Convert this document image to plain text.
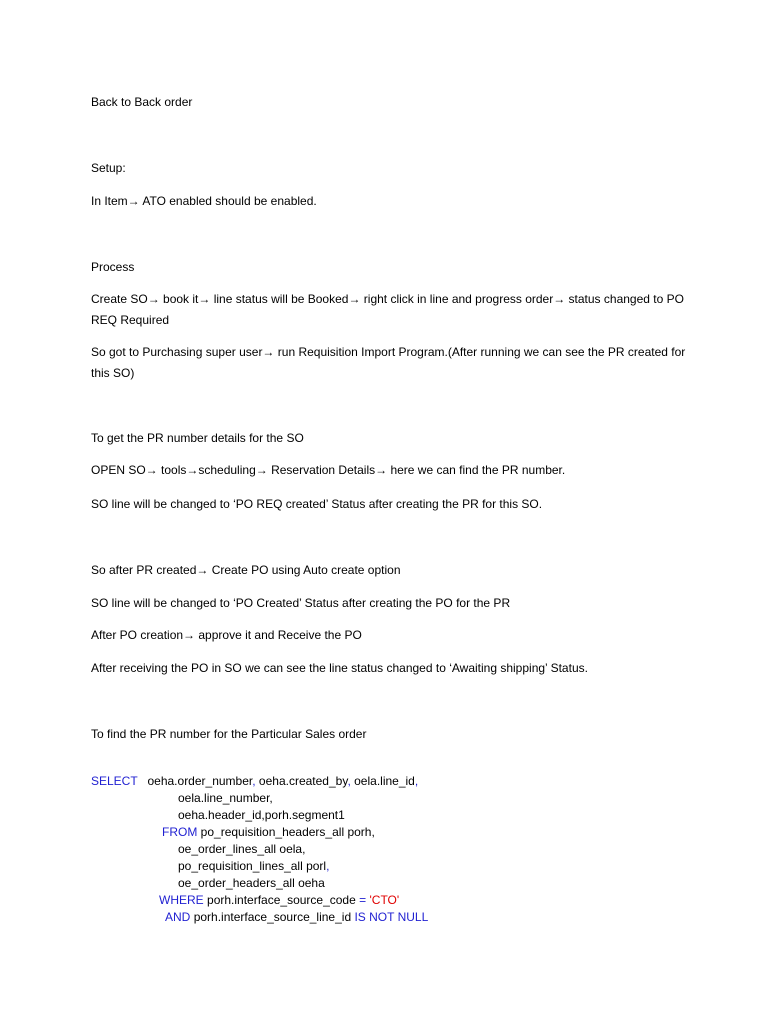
Back to Back order
Setup:
In Item→ ATO enabled should be enabled.
Process
Create SO→ book it→ line status will be Booked→ right click in line and progress order→ status changed to PO REQ Required
So got to Purchasing super user→ run Requisition Import Program.(After running we can see the PR created for this SO)
To get the PR number details for the SO
OPEN SO→ tools→scheduling→ Reservation Details→ here we can find the PR number.
SO line will be changed to ‘PO REQ created’ Status after creating the PR for this SO.
So after PR created→ Create PO using Auto create option
SO line will be changed to ‘PO Created’ Status after creating the PO for the PR
After PO creation→ approve it and Receive the PO
After receiving the PO in SO we can see the line status changed to ‘Awaiting shipping’ Status.
To find the PR number for the Particular Sales order
SELECT oeha.order_number, oeha.created_by, oela.line_id,
oela.line_number,
oeha.header_id,porh.segment1
FROM po_requisition_headers_all porh,
oe_order_lines_all oela,
po_requisition_lines_all porl,
oe_order_headers_all oeha
WHERE porh.interface_source_code = 'CTO'
AND porh.interface_source_line_id IS NOT NULL
